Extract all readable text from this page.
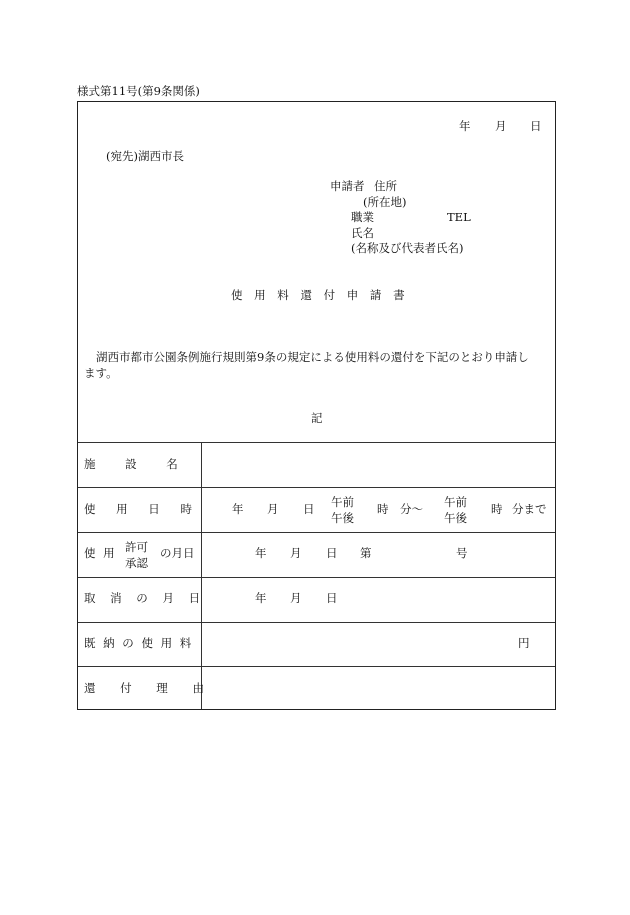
様式第11号(第9条関係)
年 月 日
(宛先)湖西市長
申請者 住所
(所在地)
職業	TEL
氏名
(名称及び代表者氏名)
使 用 料 還 付 申 請 書
湖西市都市公園条例施行規則第9条の規定による使用料の還付を下記のとおり申請し
ます。
記
施 設 名
使 用 日 時	年 月 日 午前
午後
時 分〜 午前
午後
時 分まで
使 用 許可
承認
の月日	年 月 日 第	号
取 消 の 月 日	年 月 日
既 納 の 使 用 料	円
還 付 理 由
